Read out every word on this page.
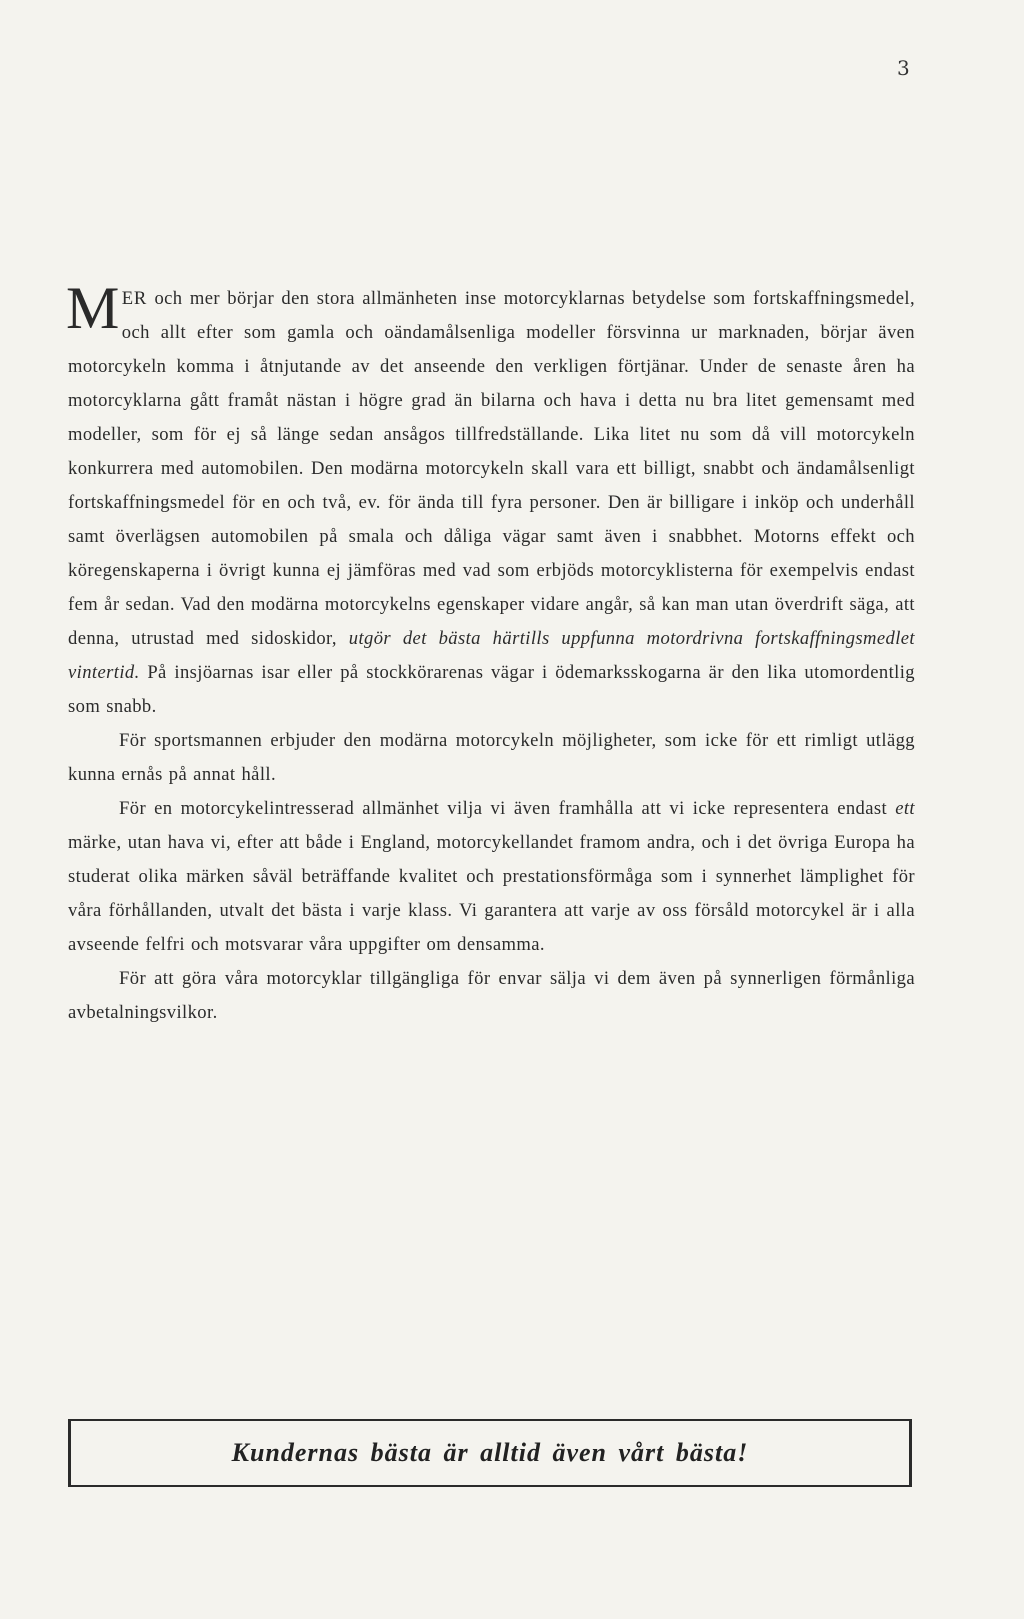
3

MER och mer börjar den stora allmänheten inse motorcyklarnas betydelse som fortskaffningsmedel, och allt efter som gamla och oändamålsenliga modeller försvinna ur marknaden, börjar även motorcykeln komma i åtnjutande av det anseende den verkligen förtjänar. Under de senaste åren ha motorcyklarna gått framåt nästan i högre grad än bilarna och hava i detta nu bra litet gemensamt med modeller, som för ej så länge sedan ansågos tillfredställande. Lika litet nu som då vill motorcykeln konkurrera med automobilen. Den modärna motorcykeln skall vara ett billigt, snabbt och ändamålsenligt fortskaffningsmedel för en och två, ev. för ända till fyra personer. Den är billigare i inköp och underhåll samt överlägsen automobilen på smala och dåliga vägar samt även i snabbhet. Motorns effekt och köregenskaperna i övrigt kunna ej jämföras med vad som erbjöds motorcyklisterna för exempelvis endast fem år sedan. Vad den modärna motorcykelns egenskaper vidare angår, så kan man utan överdrift säga, att denna, utrustad med sidoskidor, utgör det bästa härtills uppfunna motordrivna fortskaffningsmedlet vintertid. På insjöarnas isar eller på stockkörarenas vägar i ödemarksskogarna är den lika utomordentlig som snabb.

För sportsmannen erbjuder den modärna motorcykeln möjligheter, som icke för ett rimligt utlägg kunna ernås på annat håll.

För en motorcykelintresserad allmänhet vilja vi även framhålla att vi icke representera endast ett märke, utan hava vi, efter att både i England, motorcykellandet framom andra, och i det övriga Europa ha studerat olika märken såväl beträffande kvalitet och prestationsförmåga som i synnerhet lämplighet för våra förhållanden, utvalt det bästa i varje klass. Vi garantera att varje av oss försåld motorcykel är i alla avseende felfri och motsvarar våra uppgifter om densamma.

För att göra våra motorcyklar tillgängliga för envar sälja vi dem även på synnerligen förmånliga avbetalningsvilkor.

Kundernas bästa är alltid även vårt bästa!
